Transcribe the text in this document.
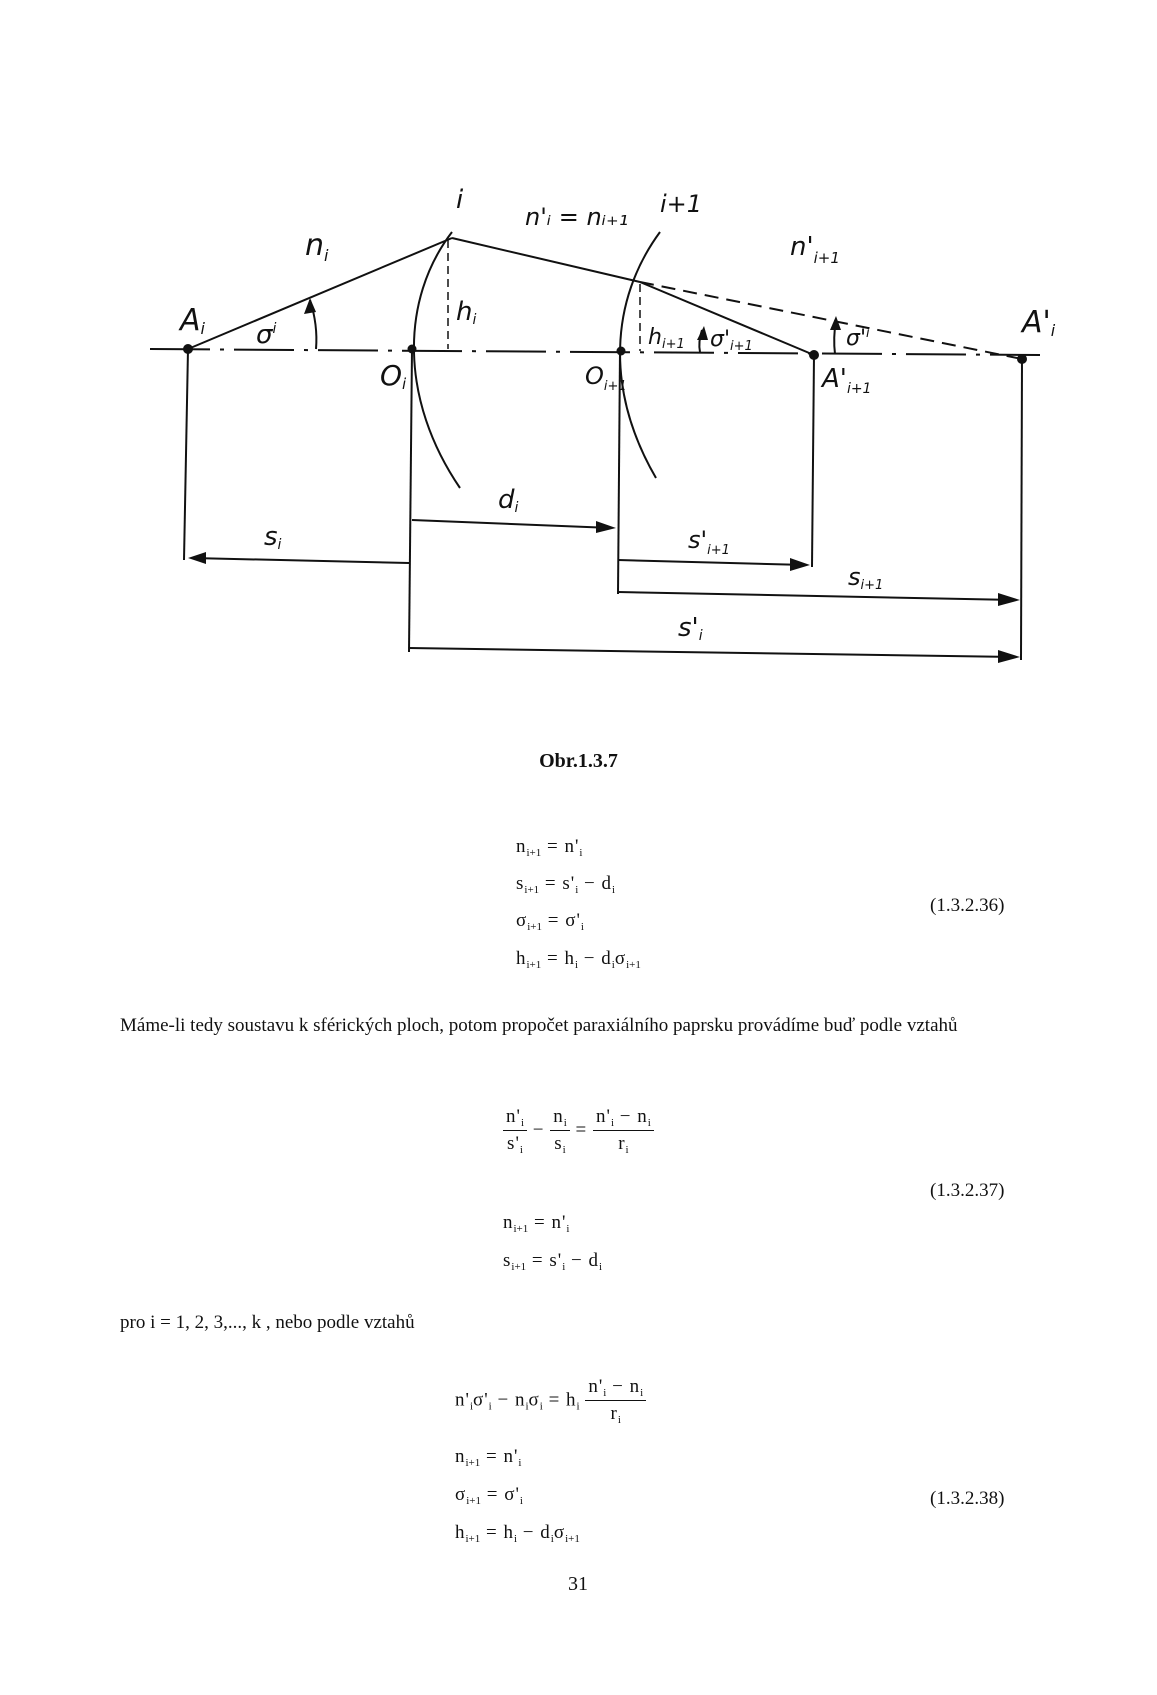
$n_i$
i
n'ᵢ = nᵢ₊₁ i+1
$n'_{i+1}$
Ai $\sigma^i$
hi
hi+1 σ'i+1	$\sigma'^i$	A'i
Oi	$O_{i+1}$	$A'_{i+1}$
di
si	$s'_{i+1}$
si+1
s'i
Obr.1.3.7
$n_{i+1} = n'_i$
$s_{i+1} = s'_i - d_i$
$\sigma_{i+1} = \sigma'_i$
$h_{i+1} = h_i - d_i\sigma_{i+1}$
(1.3.2.36)
Máme-li tedy soustavu k sférických ploch, potom propočet paraxiálního paprsku provádíme buď podle vztahů
$\frac{n'_i}{s'_i} - \frac{n_i}{s_i} = \frac{n'_i - n_i}{r_i}$
$n_{i+1} = n'_i$
$s_{i+1} = s'_i - d_i$
(1.3.2.37)
pro i = 1, 2, 3,..., k , nebo podle vztahů
$n'_i\sigma'_i - n_i\sigma_i = h_i \frac{n'_i - n_i}{r_i}$
$n_{i+1} = n'_i$
$\sigma_{i+1} = \sigma'_i$
$h_{i+1} = h_i - d_i\sigma_{i+1}$
(1.3.2.38)
31
